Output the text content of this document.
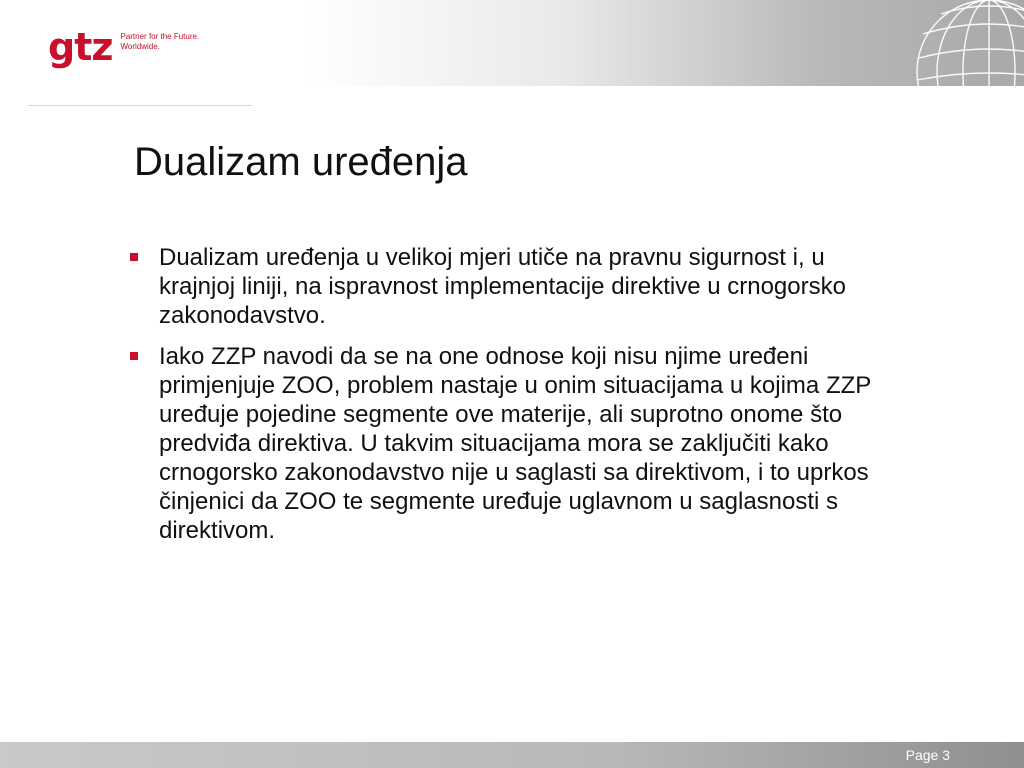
gtz Partner for the Future.
Worldwide.
Dualizam uređenja
Dualizam uređenja u velikoj mjeri utiče na pravnu sigurnost i, u krajnjoj liniji, na ispravnost implementacije direktive u crnogorsko zakonodavstvo.
Iako ZZP navodi da se na one odnose koji nisu njime uređeni primjenjuje ZOO, problem nastaje u onim situacijama u kojima ZZP uređuje pojedine segmente ove materije, ali suprotno onome što predviđa direktiva. U takvim situacijama mora se zaključiti kako crnogorsko zakonodavstvo nije u saglasti sa direktivom, i to uprkos činjenici da ZOO te segmente uređuje uglavnom u saglasnosti s direktivom.
Page 3
